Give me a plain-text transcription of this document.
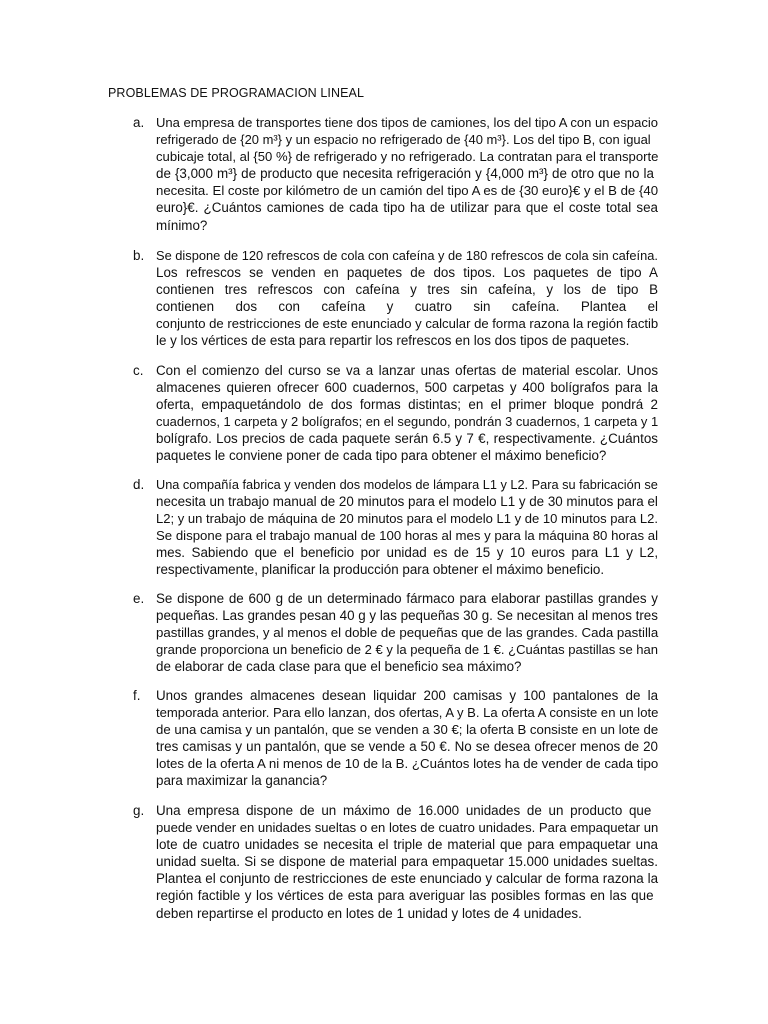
PROBLEMAS DE PROGRAMACION LINEAL
a. Una empresa de transportes tiene dos tipos de camiones, los del tipo A con un espacio
refrigerado de {20 m³} y un espacio no refrigerado de {40 m³}. Los del tipo B, con igual
cubicaje total, al {50 %} de refrigerado y no refrigerado. La contratan para el transporte
de {3,000 m³} de producto que necesita refrigeración y {4,000 m³} de otro que no la
necesita. El coste por kilómetro de un camión del tipo A es de {30 euro}€ y el B de {40
euro}€. ¿Cuántos camiones de cada tipo ha de utilizar para que el coste total sea
mínimo?
b. Se dispone de 120 refrescos de cola con cafeína y de 180 refrescos de cola sin cafeína.
Los refrescos se venden en paquetes de dos tipos. Los paquetes de tipo A
contienen tres refrescos con cafeína y tres sin cafeína, y los de tipo B
contienen dos con cafeína y cuatro sin cafeína. Plantea el
conjunto de restricciones de este enunciado y calcular de forma razona la región factib
le y los vértices de esta para repartir los refrescos en los dos tipos de paquetes.
c. Con el comienzo del curso se va a lanzar unas ofertas de material escolar. Unos
almacenes quieren ofrecer 600 cuadernos, 500 carpetas y 400 bolígrafos para la
oferta, empaquetándolo de dos formas distintas; en el primer bloque pondrá 2
cuadernos, 1 carpeta y 2 bolígrafos; en el segundo, pondrán 3 cuadernos, 1 carpeta y 1
bolígrafo. Los precios de cada paquete serán 6.5 y 7 €, respectivamente. ¿Cuántos
paquetes le conviene poner de cada tipo para obtener el máximo beneficio?
d. Una compañía fabrica y venden dos modelos de lámpara L1 y L2. Para su fabricación se
necesita un trabajo manual de 20 minutos para el modelo L1 y de 30 minutos para el
L2; y un trabajo de máquina de 20 minutos para el modelo L1 y de 10 minutos para L2.
Se dispone para el trabajo manual de 100 horas al mes y para la máquina 80 horas al
mes. Sabiendo que el beneficio por unidad es de 15 y 10 euros para L1 y L2,
respectivamente, planificar la producción para obtener el máximo beneficio.
e. Se dispone de 600 g de un determinado fármaco para elaborar pastillas grandes y
pequeñas. Las grandes pesan 40 g y las pequeñas 30 g. Se necesitan al menos tres
pastillas grandes, y al menos el doble de pequeñas que de las grandes. Cada pastilla
grande proporciona un beneficio de 2 € y la pequeña de 1 €. ¿Cuántas pastillas se han
de elaborar de cada clase para que el beneficio sea máximo?
f. Unos grandes almacenes desean liquidar 200 camisas y 100 pantalones de la
temporada anterior. Para ello lanzan, dos ofertas, A y B. La oferta A consiste en un lote
de una camisa y un pantalón, que se venden a 30 €; la oferta B consiste en un lote de
tres camisas y un pantalón, que se vende a 50 €. No se desea ofrecer menos de 20
lotes de la oferta A ni menos de 10 de la B. ¿Cuántos lotes ha de vender de cada tipo
para maximizar la ganancia?
g. Una empresa dispone de un máximo de 16.000 unidades de un producto que
puede vender en unidades sueltas o en lotes de cuatro unidades. Para empaquetar un
lote de cuatro unidades se necesita el triple de material que para empaquetar una
unidad suelta. Si se dispone de material para empaquetar 15.000 unidades sueltas.
Plantea el conjunto de restricciones de este enunciado y calcular de forma razona la
región factible y los vértices de esta para averiguar las posibles formas en las que
deben repartirse el producto en lotes de 1 unidad y lotes de 4 unidades.
